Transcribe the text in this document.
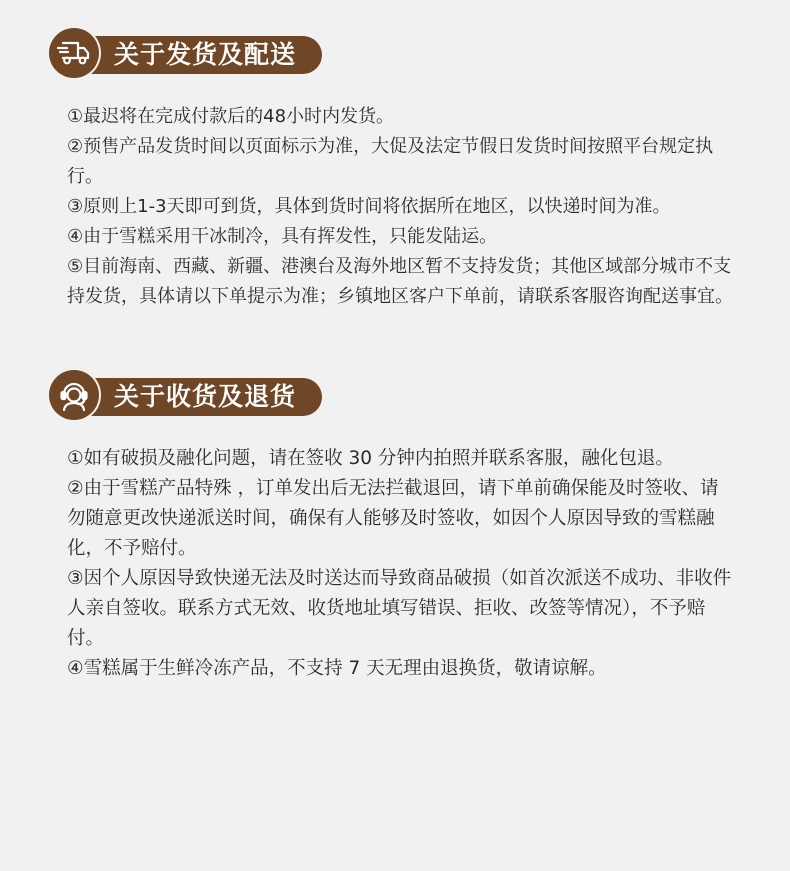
关于发货及配送
①最迟将在完成付款后的48小时内发货。
②预售产品发货时间以页面标示为准，大促及法定节假日发货时间按照平台规定执行。
③原则上1-3天即可到货，具体到货时间将依据所在地区，以快递时间为准。
④由于雪糕采用干冰制冷，具有挥发性，只能发陆运。
⑤目前海南、西藏、新疆、港澳台及海外地区暂不支持发货；其他区域部分城市不支持发货，具体请以下单提示为准；乡镇地区客户下单前，请联系客服咨询配送事宜。
关于收货及退货
①如有破损及融化问题，请在签收 30 分钟内拍照并联系客服，融化包退。
②由于雪糕产品特殊 ，订单发出后无法拦截退回，请下单前确保能及时签收、请勿随意更改快递派送时间，确保有人能够及时签收，如因个人原因导致的雪糕融化，不予赔付。
③因个人原因导致快递无法及时送达而导致商品破损（如首次派送不成功、非收件人亲自签收。联系方式无效、收货地址填写错误、拒收、改签等情况），不予赔付。
④雪糕属于生鲜冷冻产品，不支持 7 天无理由退换货，敬请谅解。
